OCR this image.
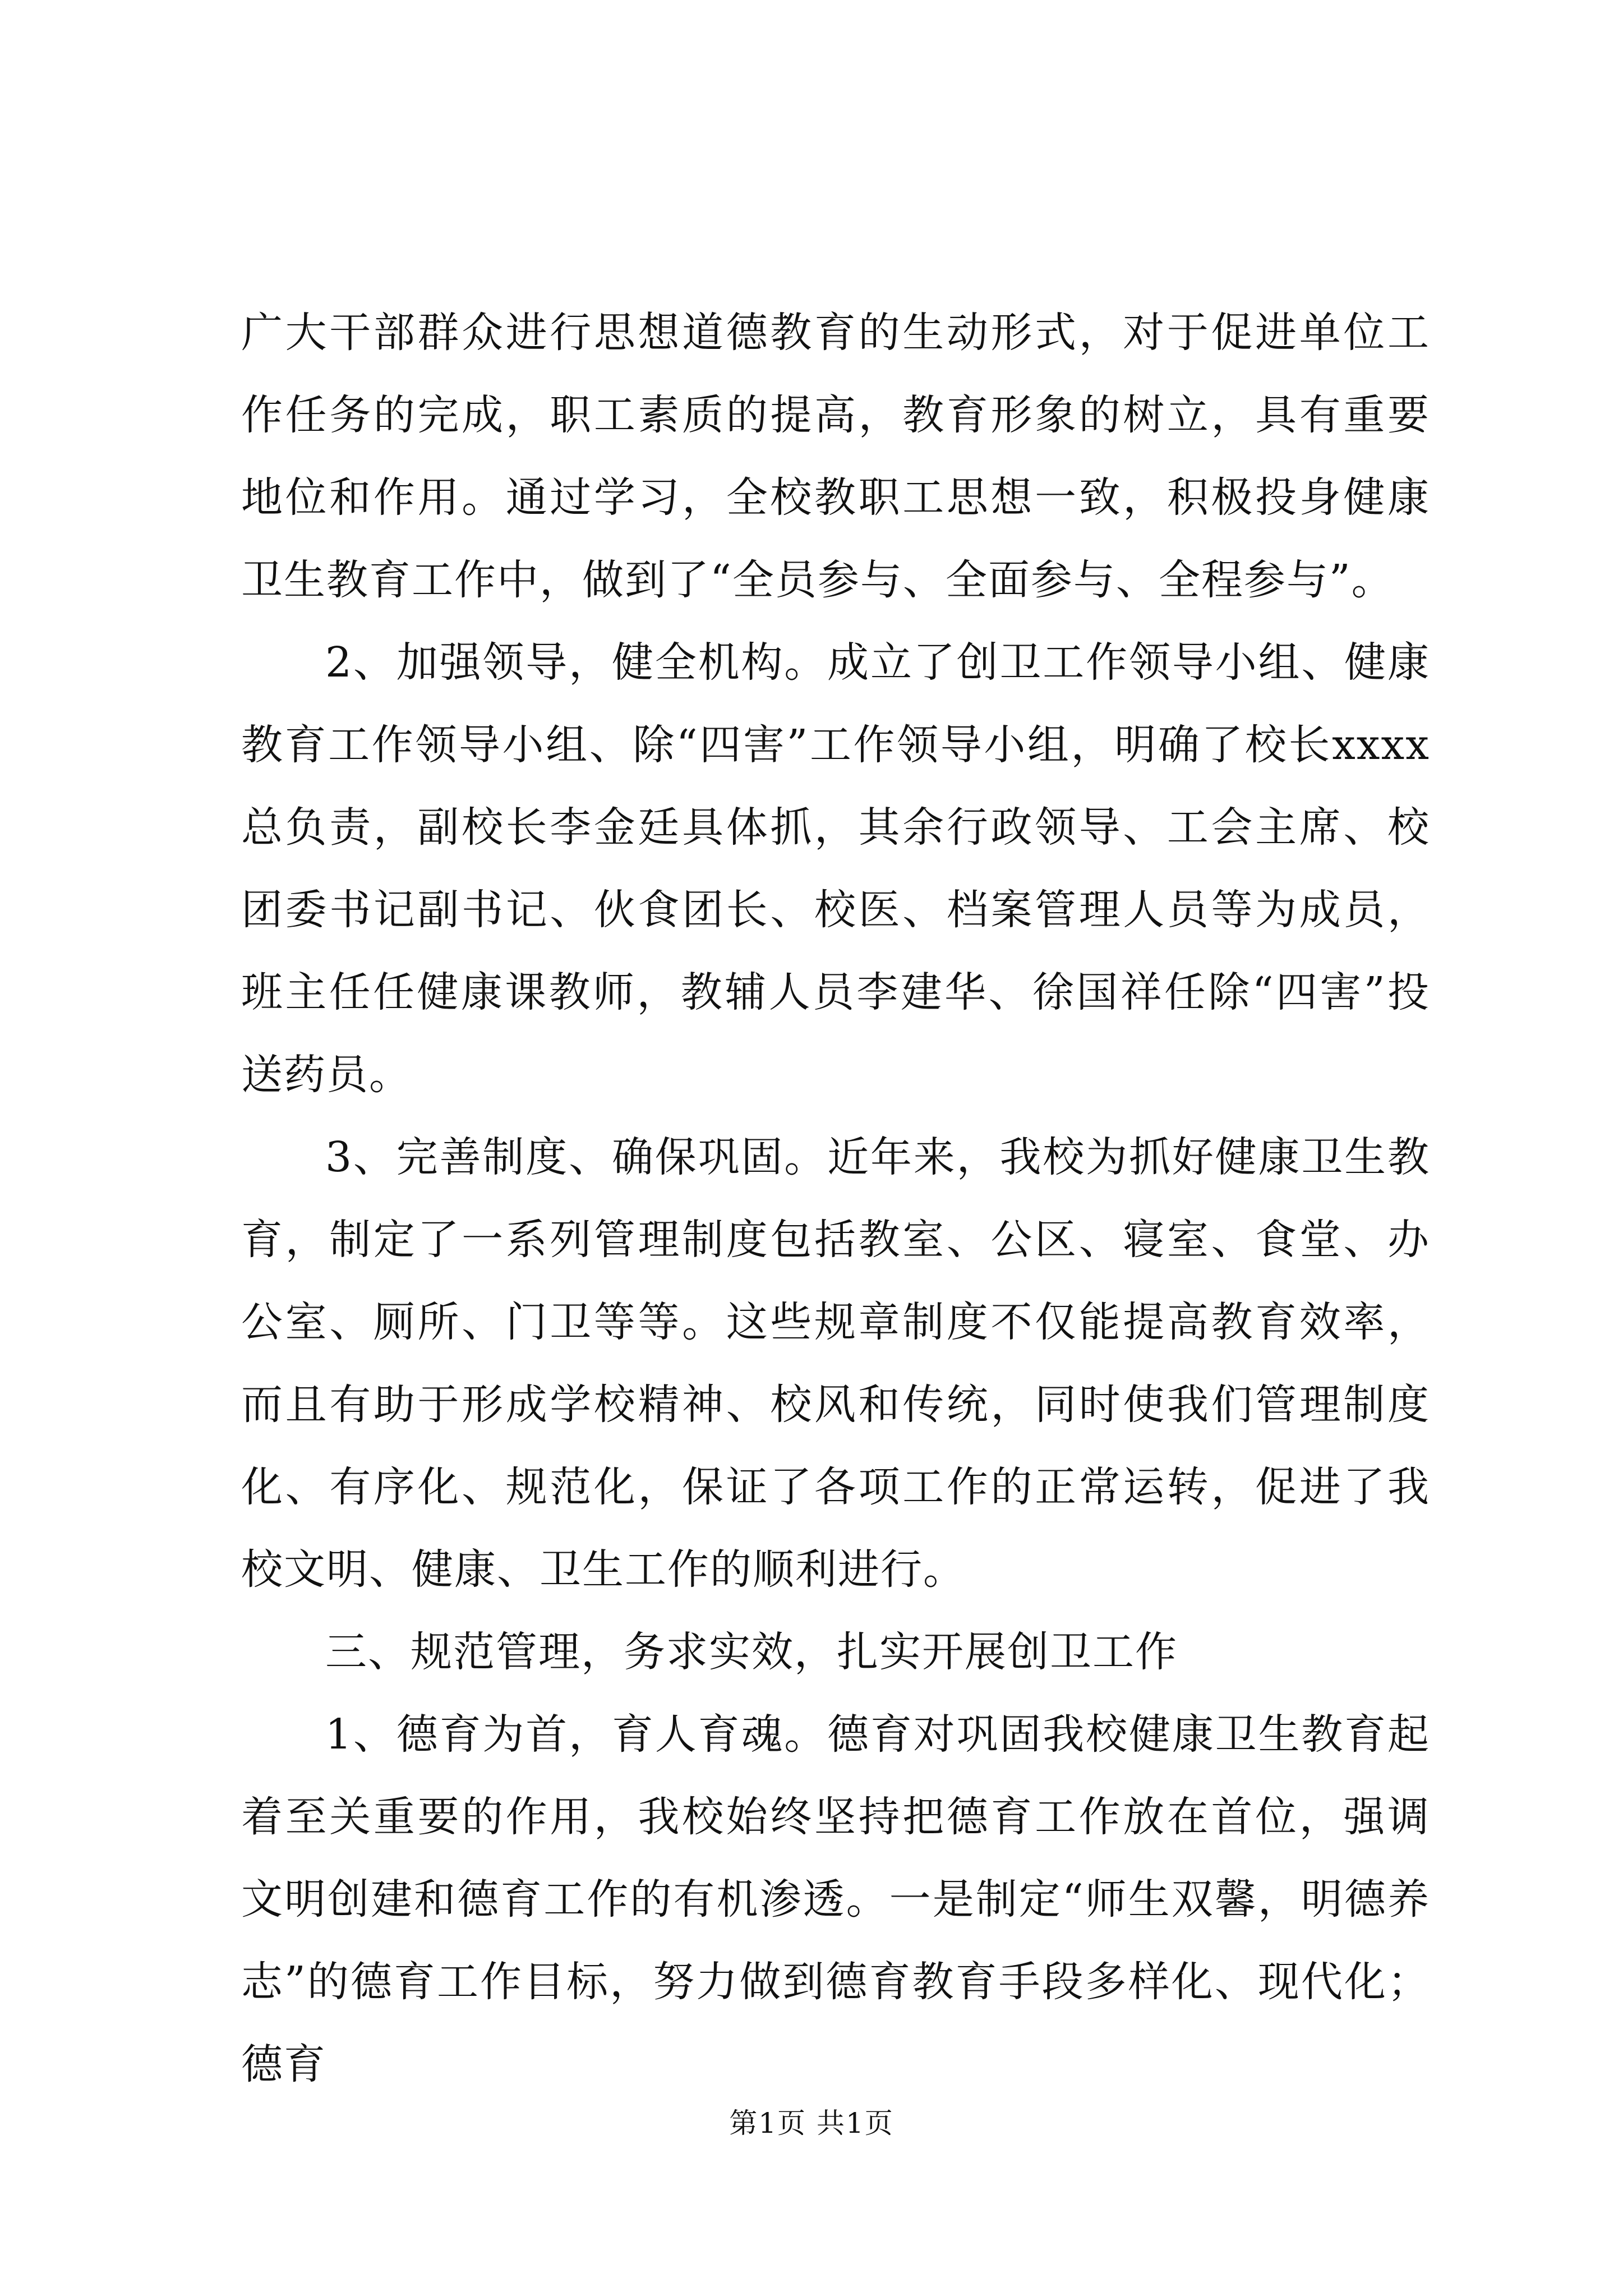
广大干部群众进行思想道德教育的生动形式，对于促进单位工作任务的完成，职工素质的提高，教育形象的树立，具有重要地位和作用。通过学习，全校教职工思想一致，积极投身健康卫生教育工作中，做到了“全员参与、全面参与、全程参与”。

2、加强领导，健全机构。成立了创卫工作领导小组、健康教育工作领导小组、除“四害”工作领导小组，明确了校长xxxx总负责，副校长李金廷具体抓，其余行政领导、工会主席、校团委书记副书记、伙食团长、校医、档案管理人员等为成员，班主任任健康课教师，教辅人员李建华、徐国祥任除“四害”投送药员。

3、完善制度、确保巩固。近年来，我校为抓好健康卫生教育，制定了一系列管理制度包括教室、公区、寝室、食堂、办公室、厕所、门卫等等。这些规章制度不仅能提高教育效率，而且有助于形成学校精神、校风和传统，同时使我们管理制度化、有序化、规范化，保证了各项工作的正常运转，促进了我校文明、健康、卫生工作的顺利进行。

三、规范管理，务求实效，扎实开展创卫工作

1、德育为首，育人育魂。德育对巩固我校健康卫生教育起着至关重要的作用，我校始终坚持把德育工作放在首位，强调文明创建和德育工作的有机渗透。一是制定“师生双馨，明德养志”的德育工作目标，努力做到德育教育手段多样化、现代化；德育

第1页 共1页
